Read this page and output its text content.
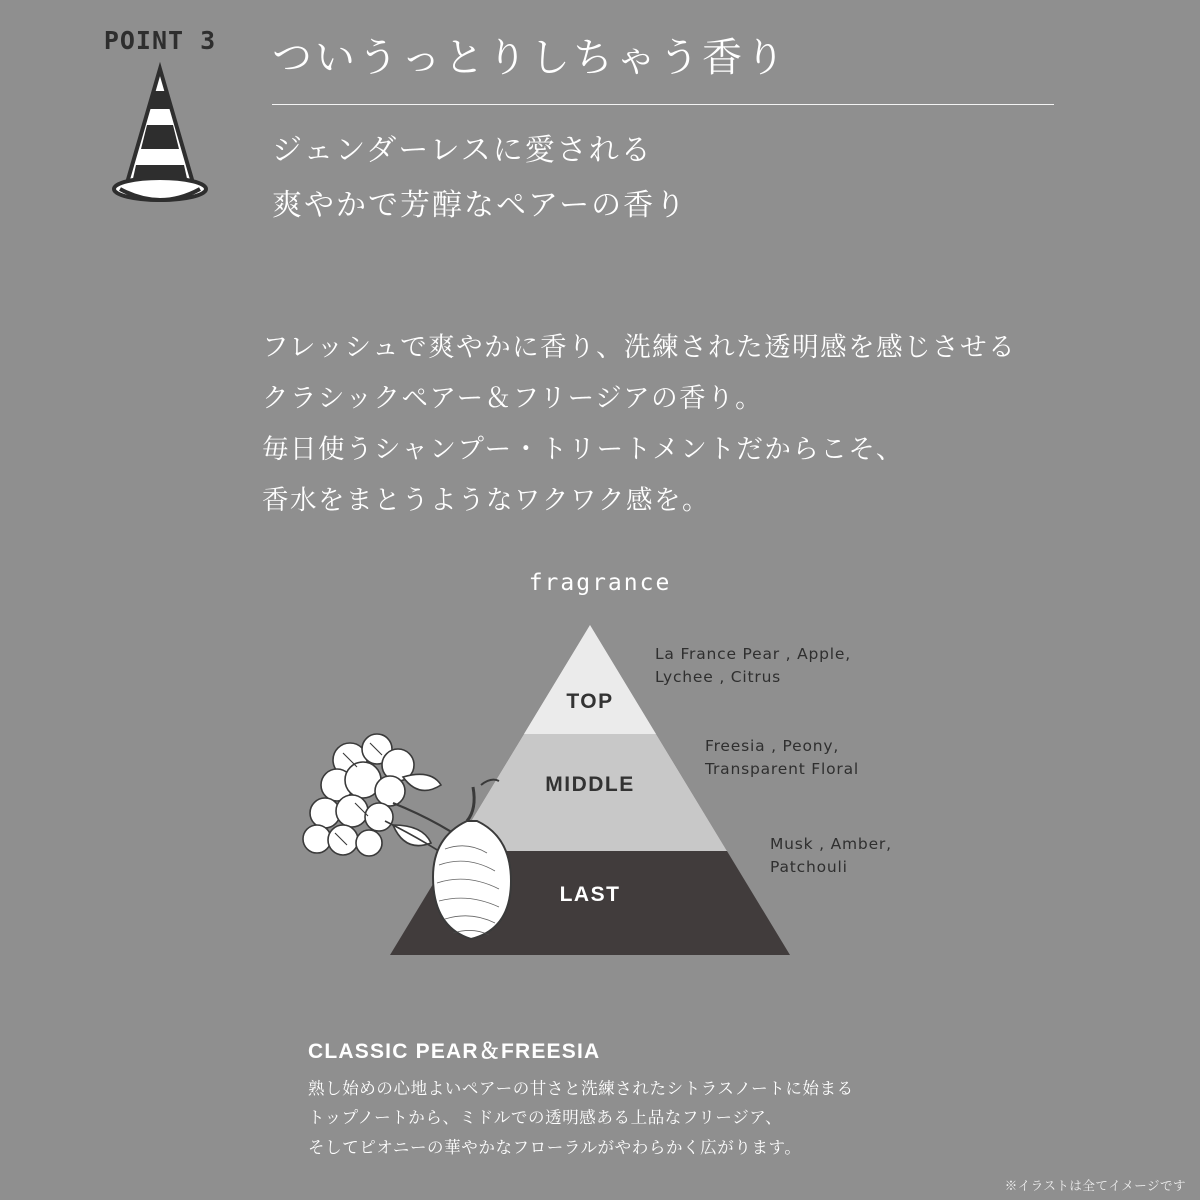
POINT 3	ついうっとりしちゃう香り
ジェンダーレスに愛される
爽やかで芳醇なペアーの香り
フレッシュで爽やかに香り、洗練された透明感を感じさせる
クラシックペアー＆フリージアの香り。
毎日使うシャンプー・トリートメントだからこそ、
香水をまとうようなワクワク感を。
fragrance
TOP
MIDDLE
LAST
La France Pear , Apple,
Lychee , Citrus
Freesia , Peony,
Transparent Floral
Musk , Amber,
Patchouli
CLASSIC PEAR＆FREESIA
熟し始めの心地よいペアーの甘さと洗練されたシトラスノートに始まる
トップノートから、ミドルでの透明感ある上品なフリージア、
そしてピオニーの華やかなフローラルがやわらかく広がります。
※イラストは全てイメージです
